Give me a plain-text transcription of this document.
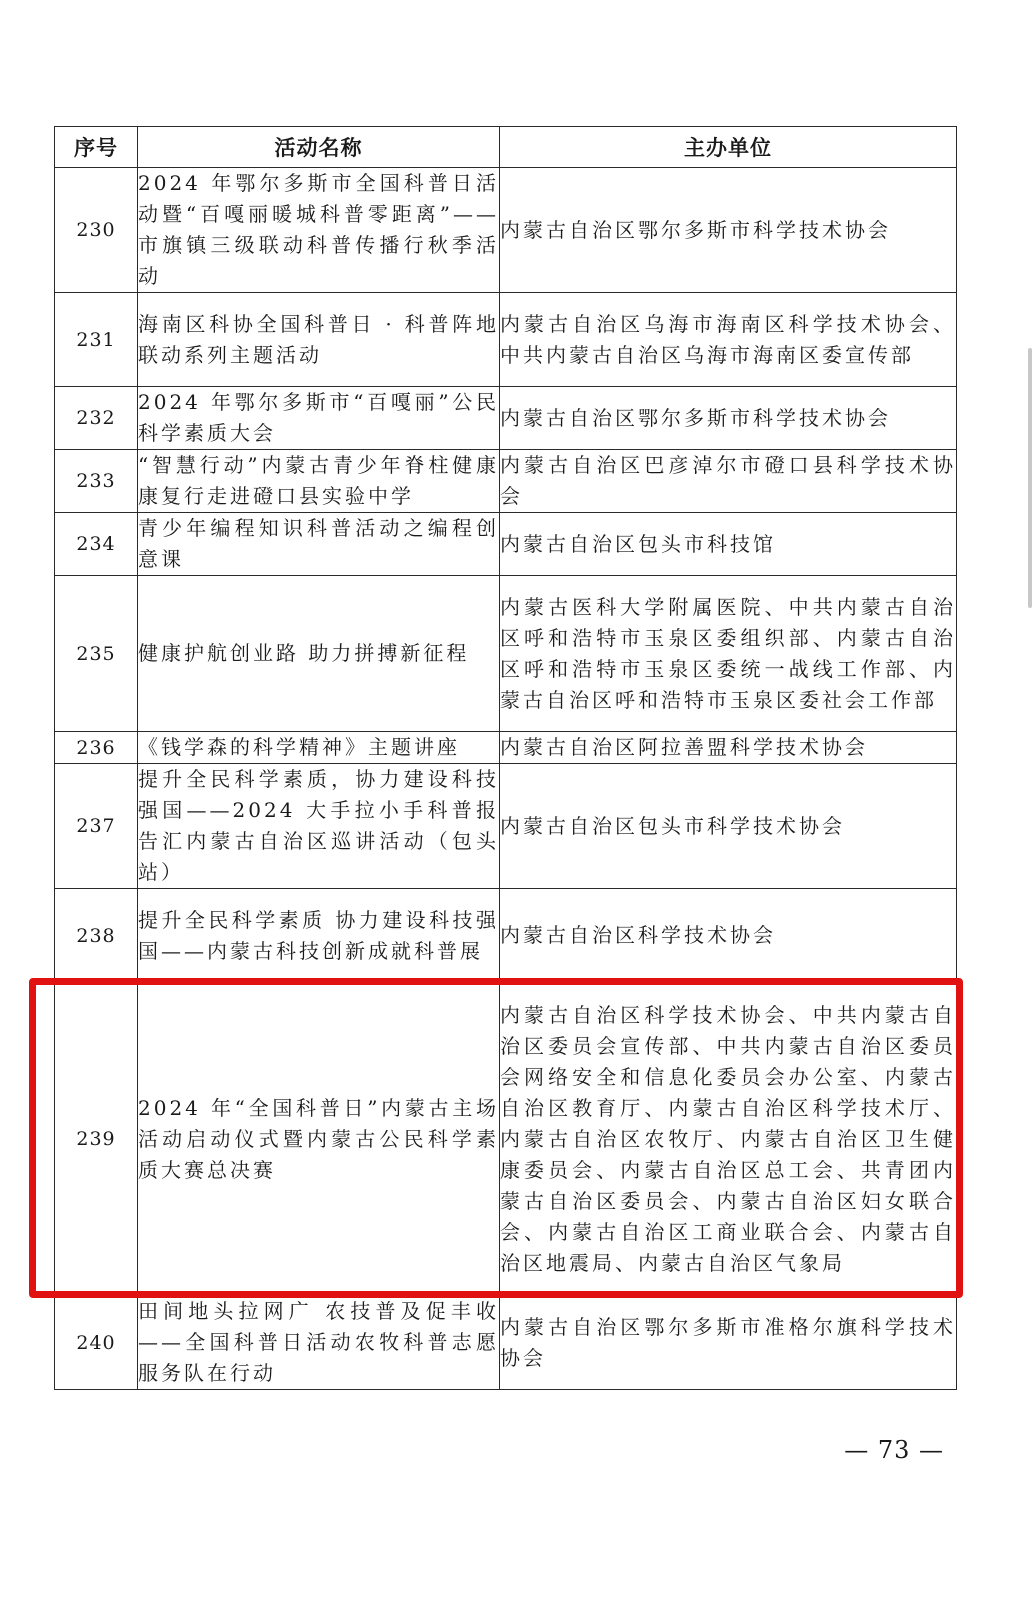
序号	活动名称	主办单位
230	2024 年鄂尔多斯市全国科普日活动暨“百嘎丽暖城科普零距离”——市旗镇三级联动科普传播行秋季活动	内蒙古自治区鄂尔多斯市科学技术协会
231	海南区科协全国科普日 · 科普阵地联动系列主题活动	内蒙古自治区乌海市海南区科学技术协会、中共内蒙古自治区乌海市海南区委宣传部
232	2024 年鄂尔多斯市“百嘎丽”公民科学素质大会	内蒙古自治区鄂尔多斯市科学技术协会
233	“智慧行动”内蒙古青少年脊柱健康康复行走进磴口县实验中学	内蒙古自治区巴彦淖尔市磴口县科学技术协会
234	青少年编程知识科普活动之编程创意课	内蒙古自治区包头市科技馆
235	健康护航创业路 助力拼搏新征程	内蒙古医科大学附属医院、中共内蒙古自治区呼和浩特市玉泉区委组织部、内蒙古自治区呼和浩特市玉泉区委统一战线工作部、内蒙古自治区呼和浩特市玉泉区委社会工作部
236	《钱学森的科学精神》主题讲座	内蒙古自治区阿拉善盟科学技术协会
237	提升全民科学素质，协力建设科技强国——2024 大手拉小手科普报告汇内蒙古自治区巡讲活动（包头站）	内蒙古自治区包头市科学技术协会
238	提升全民科学素质 协力建设科技强国——内蒙古科技创新成就科普展	内蒙古自治区科学技术协会
239	2024 年“全国科普日”内蒙古主场活动启动仪式暨内蒙古公民科学素质大赛总决赛	内蒙古自治区科学技术协会、中共内蒙古自治区委员会宣传部、中共内蒙古自治区委员会网络安全和信息化委员会办公室、内蒙古自治区教育厅、内蒙古自治区科学技术厅、内蒙古自治区农牧厅、内蒙古自治区卫生健康委员会、内蒙古自治区总工会、共青团内蒙古自治区委员会、内蒙古自治区妇女联合会、内蒙古自治区工商业联合会、内蒙古自治区地震局、内蒙古自治区气象局
240	田间地头拉网广 农技普及促丰收——全国科普日活动农牧科普志愿服务队在行动	内蒙古自治区鄂尔多斯市准格尔旗科学技术协会
— 73 —
